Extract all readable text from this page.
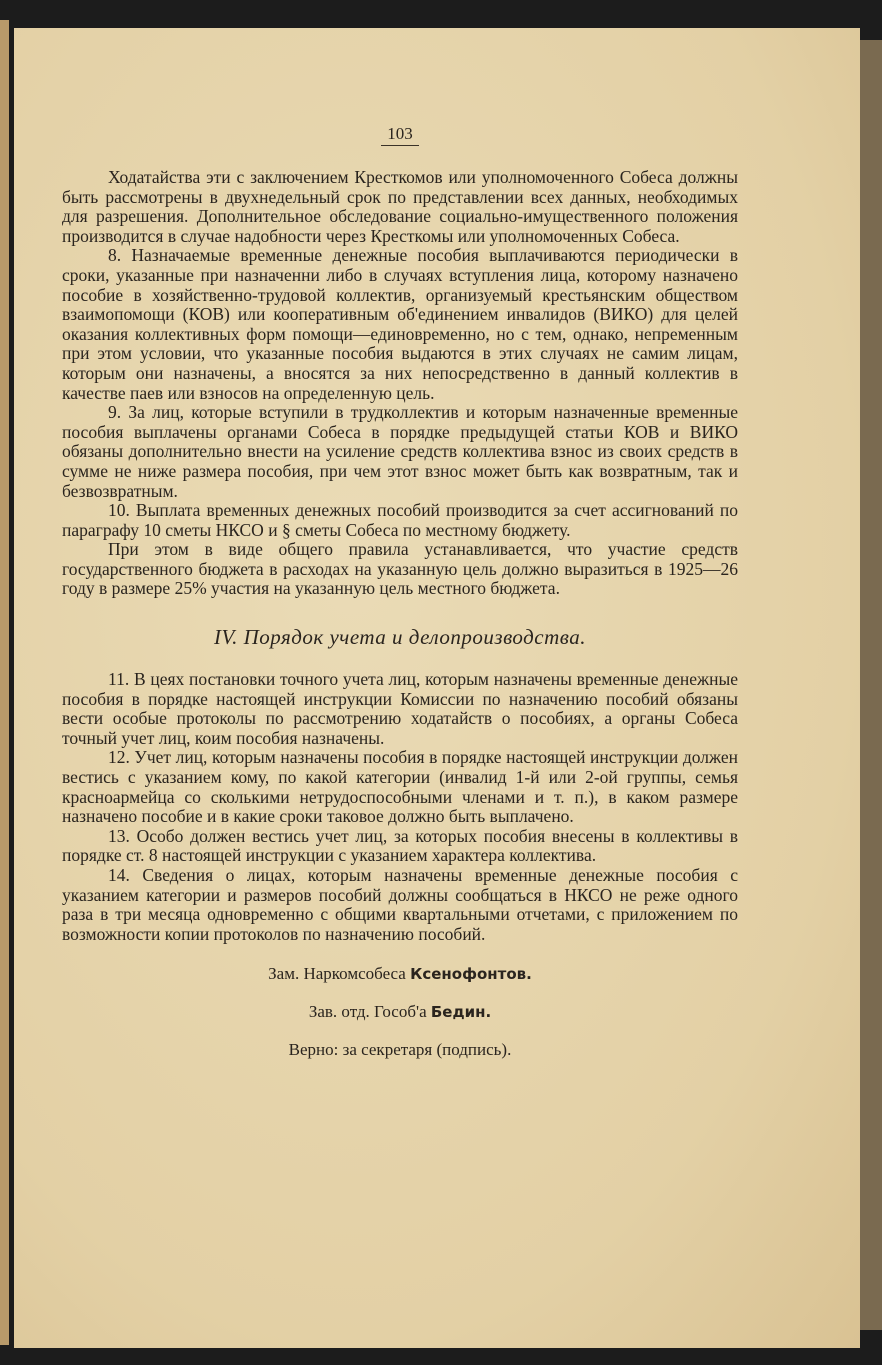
103

Ходатайства эти с заключением Кресткомов или уполномоченного Собеса должны быть рассмотрены в двухнедельный срок по представлении всех данных, необходимых для разрешения. Дополнительное обследование социально-имущественного положения производится в случае надобности через Кресткомы или уполномоченных Собеса.

8. Назначаемые временные денежные пособия выплачиваются периодически в сроки, указанные при назначенни либо в случаях вступления лица, которому назначено пособие в хозяйственно-трудовой коллектив, организуемый крестьянским обществом взаимопомощи (КОВ) или кооперативным об'единением инвалидов (ВИКО) для целей оказания коллективных форм помощи—единовременно, но с тем, однако, непременным при этом условии, что указанные пособия выдаются в этих случаях не самим лицам, которым они назначены, а вносятся за них непосредственно в данный коллектив в качестве паев или взносов на определенную цель.

9. За лиц, которые вступили в трудколлектив и которым назначенные временные пособия выплачены органами Собеса в порядке предыдущей статьи КОВ и ВИКО обязаны дополнительно внести на усиление средств коллектива взнос из своих средств в сумме не ниже размера пособия, при чем этот взнос может быть как возвратным, так и безвозвратным.

10. Выплата временных денежных пособий производится за счет ассигнований по параграфу 10 сметы НКСО и § сметы Собеса по местному бюджету.

При этом в виде общего правила устанавливается, что участие средств государственного бюджета в расходах на указанную цель должно выразиться в 1925—26 году в размере 25% участия на указанную цель местного бюджета.

IV. Порядок учета и делопроизводства.

11. В цеях постановки точного учета лиц, которым назначены временные денежные пособия в порядке настоящей инструкции Комиссии по назначению пособий обязаны вести особые протоколы по рассмотрению ходатайств о пособиях, а органы Собеса точный учет лиц, коим пособия назначены.

12. Учет лиц, которым назначены пособия в порядке настоящей инструкции должен вестись с указанием кому, по какой категории (инвалид 1-й или 2-ой группы, семья красноармейца со сколькими нетрудоспособными членами и т. п.), в каком размере назначено пособие и в какие сроки таковое должно быть выплачено.

13. Особо должен вестись учет лиц, за которых пособия внесены в коллективы в порядке ст. 8 настоящей инструкции с указанием характера коллектива.

14. Сведения о лицах, которым назначены временные денежные пособия с указанием категории и размеров пособий должны сообщаться в НКСО не реже одного раза в три месяца одновременно с общими квартальными отчетами, с приложением по возможности копии протоколов по назначению пособий.

Зам. Наркомсобеса Ксенофонтов.
Зав. отд. Гособ'а Бедин.
Верно: за секретаря (подпись).
